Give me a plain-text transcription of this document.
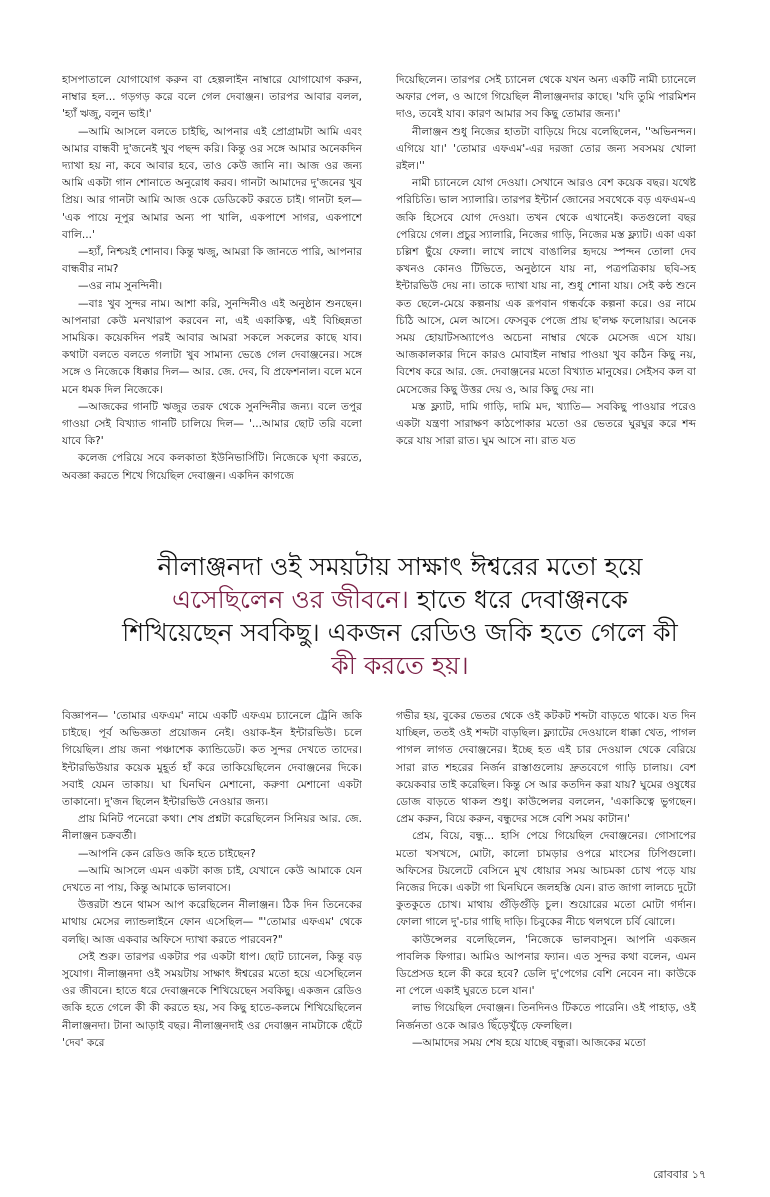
হাসপাতালে যোগাযোগ করুন বা হেল্পলাইন নাম্বারে যোগাযোগ করুন, নাম্বার হল... গড়গড় করে বলে গেল দেবাঞ্জন। তারপর আবার বলল, 'হ্যাঁ ঋজু, বলুন ভাই।'

—আমি আসলে বলতে চাইছি, আপনার এই প্রোগ্রামটা আমি এবং আমার বান্ধবী দু'জনেই খুব পছন্দ করি। কিন্তু ওর সঙ্গে আমার অনেকদিন দ্যাখা হয় না, কবে আবার হবে, তাও কেউ জানি না। আজ ওর জন্য আমি একটা গান শোনাতে অনুরোধ করব। গানটা আমাদের দু'জনের খুব প্রিয়। আর গানটা আমি আজ ওকে ডেডিকেট করতে চাই। গানটা হল— 'এক পায়ে নূপুর আমার অন্য পা খালি, একপাশে সাগর, একপাশে বালি...'

—হ্যাঁ, নিশ্চয়ই শোনাব। কিন্তু ঋজু, আমরা কি জানতে পারি, আপনার বান্ধবীর নাম?

—ওর নাম সুনন্দিনী।

—বাঃ খুব সুন্দর নাম। আশা করি, সুনন্দিনীও এই অনুষ্ঠান শুনছেন। আপনারা কেউ মনখারাপ করবেন না, এই একাকিত্ব, এই বিচ্ছিন্নতা সাময়িক। কয়েকদিন পরই আবার আমরা সকলে সকলের কাছে যাব। কথাটা বলতে বলতে গলাটা খুব সামান্য ভেঙে গেল দেবাঞ্জনের। সঙ্গে সঙ্গে ও নিজেকে ধিক্কার দিল— আর. জে. দেব, বি প্রফেশনাল। বলে মনে মনে ধমক দিল নিজেকে।

—আজকের গানটি ঋজুর তরফ থেকে সুনন্দিনীর জন্য। বলে তপুর গাওয়া সেই বিখ্যাত গানটি চালিয়ে দিল— '...আমার ছোট তরি বলো যাবে কি?'

কলেজ পেরিয়ে সবে কলকাতা ইউনিভার্সিটি। নিজেকে ঘৃণা করতে, অবজ্ঞা করতে শিখে গিয়েছিল দেবাঞ্জন। একদিন কাগজে

দিয়েছিলেন। তারপর সেই চ্যানেল থেকে যখন অন্য একটি নামী চ্যানেলে অফার পেল, ও আগে গিয়েছিল নীলাঞ্জনদার কাছে। 'যদি তুমি পারমিশন দাও, তবেই যাব। কারণ আমার সব কিছু তোমার জন্য।'

নীলাঞ্জন শুধু নিজের হাতটা বাড়িয়ে দিয়ে বলেছিলেন, ''অভিনন্দন। এগিয়ে যা।' 'তোমার এফএম'-এর দরজা তোর জন্য সবসময় খোলা রইল।''

নামী চ্যানেলে যোগ দেওয়া। সেখানে আরও বেশ কয়েক বছর। যথেষ্ট পরিচিতি। ভাল স্যালারি। তারপর ইন্টার্ন জোনের সবথেকে বড় এফএম-এ জকি হিসেবে যোগ দেওয়া। তখন থেকে এখানেই। কতগুলো বছর পেরিয়ে গেল। প্রচুর স্যালারি, নিজের গাড়ি, নিজের মস্ত ফ্ল্যাট। একা একা চল্লিশ ছুঁয়ে ফেলা। লাখে লাখে বাঙালির হৃদয়ে স্পন্দন তোলা দেব কখনও কোনও টিভিতে, অনুষ্ঠানে যায় না, পত্রপত্রিকায় ছবি-সহ ইন্টারভিউ দেয় না। তাকে দ্যাখা যায় না, শুধু শোনা যায়। সেই কন্ঠ শুনে কত ছেলে-মেয়ে কল্পনায় এক রূপবান গন্ধর্বকে কল্পনা করে। ওর নামে চিঠি আসে, মেল আসে। ফেসবুক পেজে প্রায় ছ'লক্ষ ফলোয়ার। অনেক সময় হোয়াটসঅ্যাপেও অচেনা নাম্বার থেকে মেসেজ এসে যায়। আজকালকার দিনে কারও মোবাইল নাম্বার পাওয়া খুব কঠিন কিছু নয়, বিশেষ করে আর. জে. দেবাঞ্জনের মতো বিখ্যাত মানুষের। সেইসব কল বা মেসেজের কিছু উত্তর দেয় ও, আর কিছু দেয় না।

মস্ত ফ্ল্যাট, দামি গাড়ি, দামি মদ, খ্যাতি— সবকিছু পাওয়ার পরেও একটা যন্ত্রণা সারাক্ষণ কাঠপোকার মতো ওর ভেতরে ঘুরঘুর করে শব্দ করে যায় সারা রাত। ঘুম আসে না। রাত যত

নীলাঞ্জনদা ওই সময়টায় সাক্ষাৎ ঈশ্বরের মতো হয়ে
এসেছিলেন ওর জীবনে। হাতে ধরে দেবাঞ্জনকে
শিখিয়েছেন সবকিছু। একজন রেডিও জকি হতে গেলে কী
কী করতে হয়।

বিজ্ঞাপন— 'তোমার এফএম' নামে একটি এফএম চ্যানেলে ট্রেনি জকি চাইছে। পূর্ব অভিজ্ঞতা প্রয়োজন নেই। ওয়াক-ইন ইন্টারভিউ। চলে গিয়েছিল। প্রায় জনা পঞ্চাশেক ক্যান্ডিডেট। কত সুন্দর দেখতে তাদের। ইন্টারভিউয়ার কয়েক মুহূর্ত হাঁ করে তাকিয়েছিলেন দেবাঞ্জনের দিকে। সবাই যেমন তাকায়। ঘা ঘিনঘিন মেশানো, করুণা মেশানো একটা তাকানো। দু'জন ছিলেন ইন্টারভিউ নেওয়ার জন্য।

প্রায় মিনিট পনেরো কথা। শেষ প্রশ্নটা করেছিলেন সিনিয়র আর. জে. নীলাঞ্জন চক্রবর্তী।

—আপনি কেন রেডিও জকি হতে চাইছেন?

—আমি আসলে এমন একটা কাজ চাই, যেখানে কেউ আমাকে যেন দেখতে না পায়, কিন্তু আমাকে ভালবাসে।

উত্তরটা শুনে থামস আপ করেছিলেন নীলাঞ্জন। ঠিক দিন তিনেকের মাথায় মেসের ল্যান্ডলাইনে ফোন এসেছিল— "'তোমার এফএম' থেকে বলছি। আজ একবার অফিসে দ্যাখা করতে পারবেন?"

সেই শুরু। তারপর একটার পর একটা ধাপ। ছোট চ্যানেল, কিন্তু বড় সুযোগ। নীলাঞ্জনদা ওই সময়টায় সাক্ষাৎ ঈশ্বরের মতো হয়ে এসেছিলেন ওর জীবনে। হাতে ধরে দেবাঞ্জনকে শিখিয়েছেন সবকিছু। একজন রেডিও জকি হতে গেলে কী কী করতে হয়, সব কিছু হাতে-কলমে শিখিয়েছিলেন নীলাঞ্জনদা। টানা আড়াই বছর। নীলাঞ্জনদাই ওর দেবাঞ্জন নামটাকে ছেঁটে 'দেব' করে

গভীর হয়, বুকের ভেতর থেকে ওই কটকট শব্দটা বাড়তে থাকে। যত দিন যাচ্ছিল, ততই ওই শব্দটা বাড়ছিল। ফ্ল্যাটের দেওয়ালে ধাক্কা খেত, পাগল পাগল লাগত দেবাঞ্জনের। ইচ্ছে হত এই চার দেওয়াল থেকে বেরিয়ে সারা রাত শহরের নির্জন রাস্তাগুলোয় দ্রুতবেগে গাড়ি চালায়। বেশ কয়েকবার তাই করেছিল। কিন্তু সে আর কতদিন করা যায়? ঘুমের ওষুধের ডোজ বাড়তে থাকল শুধু। কাউন্সেলর বললেন, 'একাকিত্বে ভুগছেন। প্রেম করুন, বিয়ে করুন, বন্ধুদের সঙ্গে বেশি সময় কাটান।'

প্রেম, বিয়ে, বন্ধু... হাসি পেয়ে গিয়েছিল দেবাঞ্জনের। গোসাপের মতো খসখসে, মোটা, কালো চামড়ার ওপরে মাংসের ঢিপিগুলো। অফিসের টয়লেটে বেসিনে মুখ ধোয়ার সময় আচমকা চোখ পড়ে যায় নিজের দিকে। একটা গা ঘিনঘিনে জলহস্তি যেন। রাত জাগা লালচে দুটো কুতকুতে চোখ। মাথায় গুঁড়িগুঁড়ি চুল। শুয়োরের মতো মোটা গর্দান। ফোলা গালে দু'-চার গাছি দাড়ি। চিবুকের নীচে থলথলে চর্বি ঝোলে।

কাউন্সেলর বলেছিলেন, 'নিজেকে ভালবাসুন। আপনি একজন পাবলিক ফিগার। আমিও আপনার ফ্যান। এত সুন্দর কথা বলেন, এমন ডিপ্রেসড হলে কী করে হবে? ডেলি দু'পেগের বেশি নেবেন না। কাউকে না পেলে একাই ঘুরতে চলে যান।'

লাভ গিয়েছিল দেবাঞ্জন। তিনদিনও টিকতে পারেনি। ওই পাহাড়, ওই নির্জনতা ওকে আরও ছিঁড়েখুঁড়ে ফেলছিল।

—আমাদের সময় শেষ হয়ে যাচ্ছে বন্ধুরা। আজকের মতো

রোববার ১৭
